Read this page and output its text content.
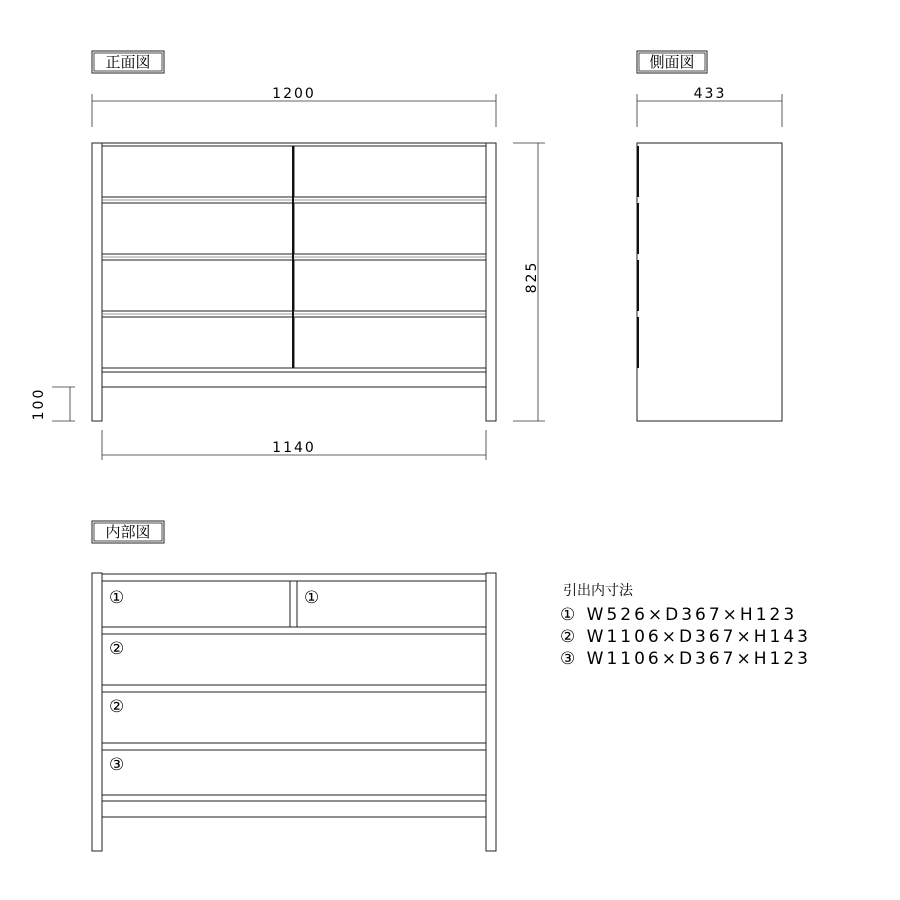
正面図	側面図
内部図
1200
825
100
1140
433
①	①
②
②
③
引出内寸法
① W526×D367×H123
② W1106×D367×H143
③ W1106×D367×H123
